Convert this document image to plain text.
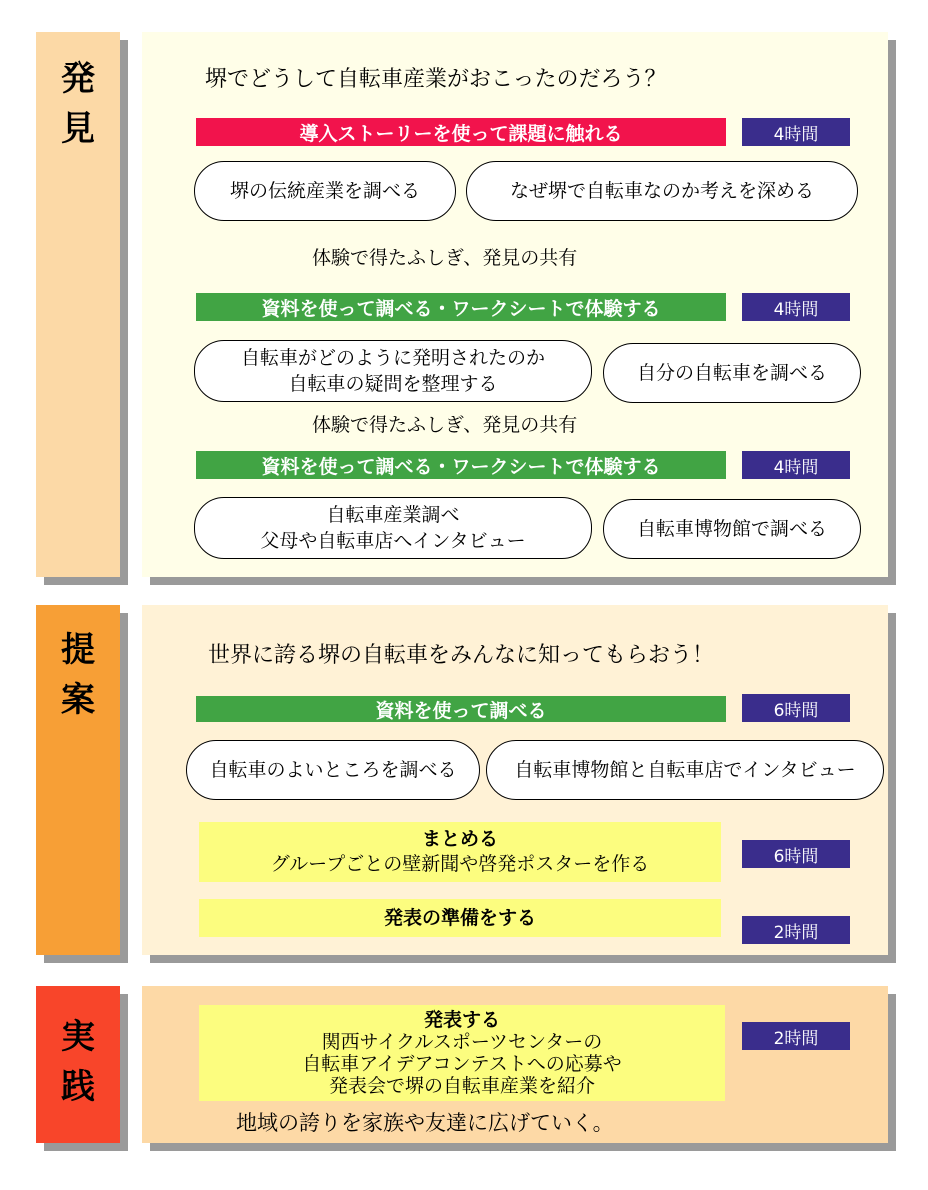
発見
堺でどうして自転車産業がおこったのだろう？
導入ストーリーを使って課題に触れる	4時間
堺の伝統産業を調べる	なぜ堺で自転車なのか考えを深める
体験で得たふしぎ、発見の共有
資料を使って調べる・ワークシートで体験する	4時間
自転車がどのように発明されたのか
自転車の疑問を整理する	自分の自転車を調べる
体験で得たふしぎ、発見の共有
資料を使って調べる・ワークシートで体験する	4時間
自転車産業調べ
父母や自転車店へインタビュー
自転車博物館で調べる
提案
世界に誇る堺の自転車をみんなに知ってもらおう！
資料を使って調べる	6時間
自転車のよいところを調べる	自転車博物館と自転車店でインタビュー
まとめる
グループごとの壁新聞や啓発ポスターを作る	6時間
発表の準備をする
2時間
実践
発表する
関西サイクルスポーツセンターの
自転車アイデアコンテストへの応募や
発表会で堺の自転車産業を紹介
2時間
地域の誇りを家族や友達に広げていく。
